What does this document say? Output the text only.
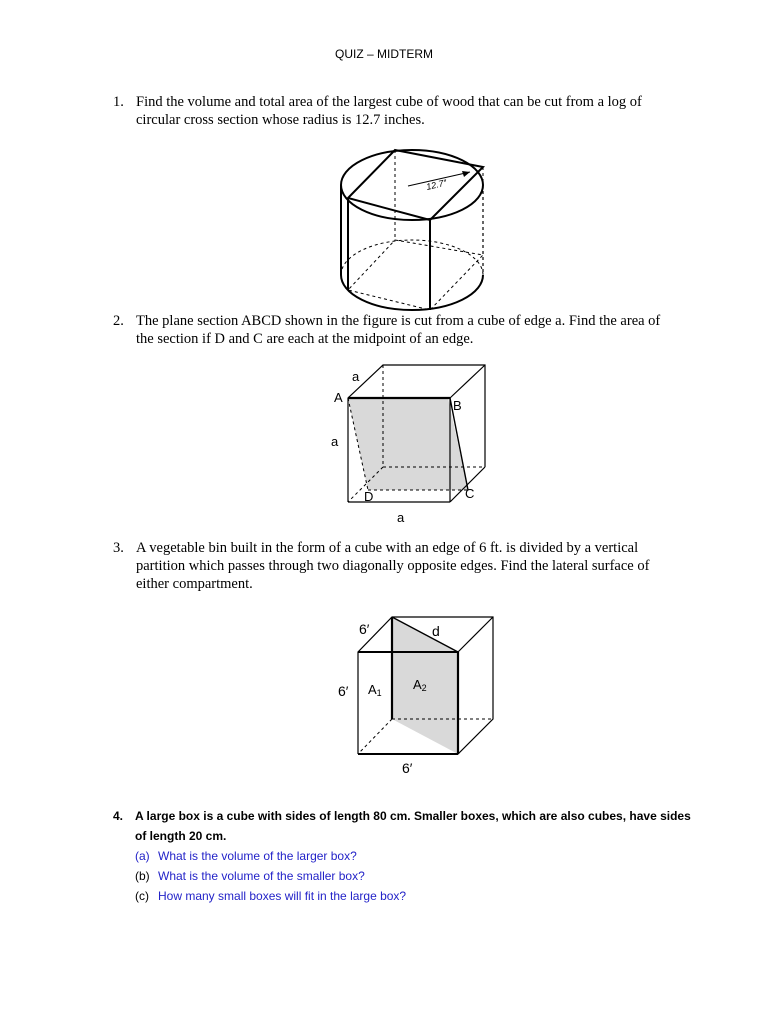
QUIZ – MIDTERM
1. Find the volume and total area of the largest cube of wood that can be cut from a log of circular cross section whose radius is 12.7 inches.
12.7″
2. The plane section ABCD shown in the figure is cut from a cube of edge a. Find the area of the section if D and C are each at the midpoint of an edge.
a
A
B
a
C
D
a
3. A vegetable bin built in the form of a cube with an edge of 6 ft. is divided by a vertical partition which passes through two diagonally opposite edges. Find the lateral surface of either compartment.
6′	d
6′ A1
A2
6′
4. A large box is a cube with sides of length 80 cm. Smaller boxes, which are also cubes, have sides of length 20 cm.
(a) What is the volume of the larger box?
(b) What is the volume of the smaller box?
(c) How many small boxes will fit in the large box?
